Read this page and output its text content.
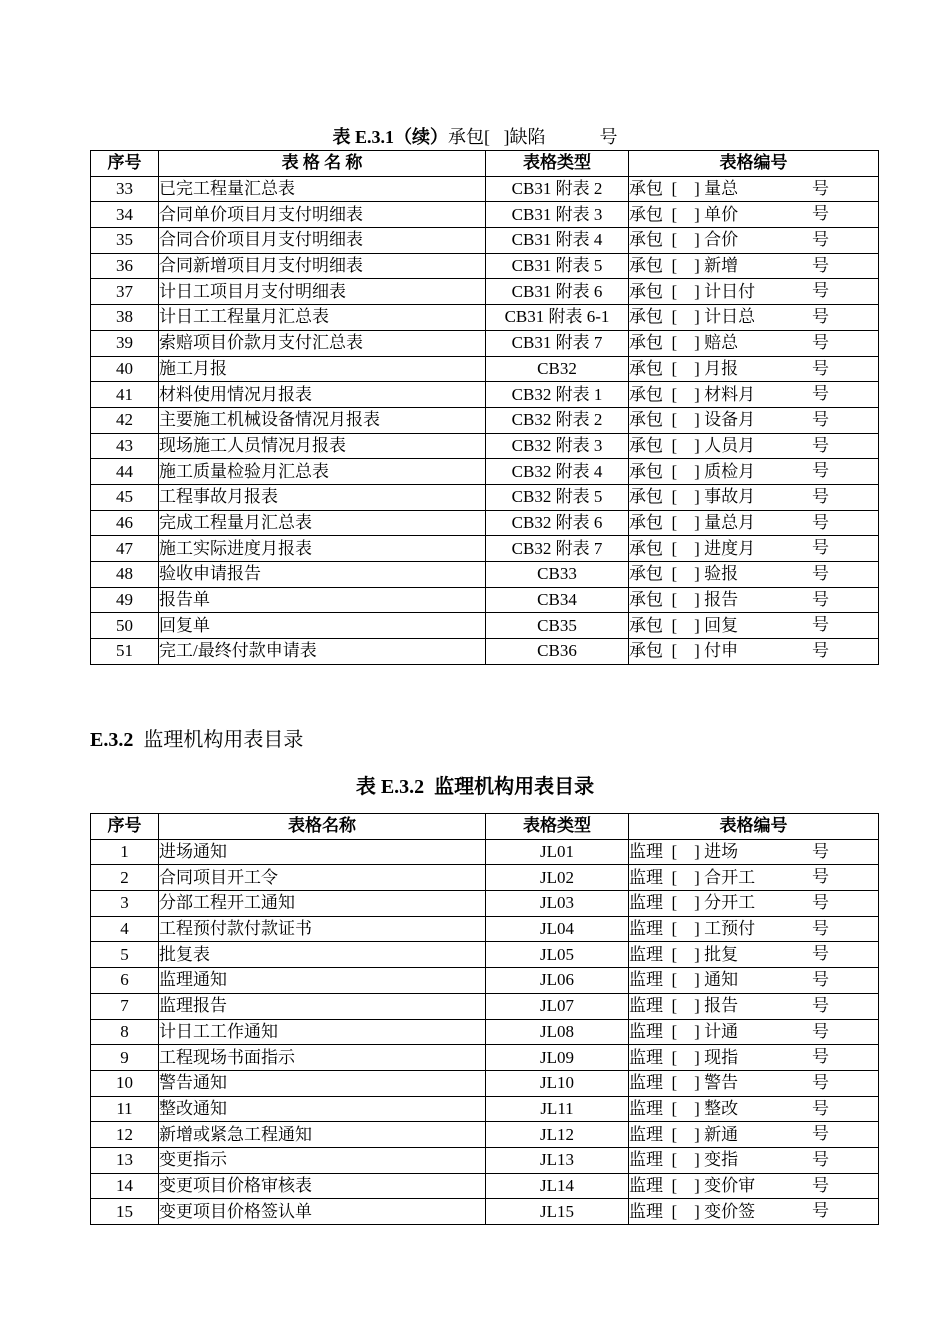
表 E.3.1（续）承包[   ]缺陷            号
序号	表 格 名 称	表格类型	表格编号
33	已完工程量汇总表	CB31 附表 2	承包  [    ] 量总 号

34	合同单价项目月支付明细表	CB31 附表 3	承包  [    ] 单价 号

35	合同合价项目月支付明细表	CB31 附表 4	承包  [    ] 合价 号

36	合同新增项目月支付明细表	CB31 附表 5	承包  [    ] 新增 号

37	计日工项目月支付明细表	CB31 附表 6	承包  [    ] 计日付 号

38	计日工工程量月汇总表	CB31 附表 6-1	承包  [    ] 计日总 号

39	索赔项目价款月支付汇总表	CB31 附表 7	承包  [    ] 赔总 号

40	施工月报	CB32	承包  [    ] 月报 号

41	材料使用情况月报表	CB32 附表 1	承包  [    ] 材料月 号

42	主要施工机械设备情况月报表	CB32 附表 2	承包  [    ] 设备月 号

43	现场施工人员情况月报表	CB32 附表 3	承包  [    ] 人员月 号

44	施工质量检验月汇总表	CB32 附表 4	承包  [    ] 质检月 号

45	工程事故月报表	CB32 附表 5	承包  [    ] 事故月 号

46	完成工程量月汇总表	CB32 附表 6	承包  [    ] 量总月 号

47	施工实际进度月报表	CB32 附表 7	承包  [    ] 进度月 号

48	验收申请报告	CB33	承包  [    ] 验报 号

49	报告单	CB34	承包  [    ] 报告 号

50	回复单	CB35	承包  [    ] 回复 号

51	完工/最终付款申请表	CB36	承包  [    ] 付申 号
E.3.2 监理机构用表目录
表 E.3.2  监理机构用表目录
序号	表格名称	表格类型	表格编号
1	进场通知	JL01	监理  [    ] 进场 号

2	合同项目开工令	JL02	监理  [    ] 合开工 号

3	分部工程开工通知	JL03	监理  [    ] 分开工 号

4	工程预付款付款证书	JL04	监理  [    ] 工预付 号

5	批复表	JL05	监理  [    ] 批复 号

6	监理通知	JL06	监理  [    ] 通知 号

7	监理报告	JL07	监理  [    ] 报告 号

8	计日工工作通知	JL08	监理  [    ] 计通 号

9	工程现场书面指示	JL09	监理  [    ] 现指 号

10	警告通知	JL10	监理  [    ] 警告 号

11	整改通知	JL11	监理  [    ] 整改 号

12	新增或紧急工程通知	JL12	监理  [    ] 新通 号

13	变更指示	JL13	监理  [    ] 变指 号

14	变更项目价格审核表	JL14	监理  [    ] 变价审 号

15	变更项目价格签认单	JL15	监理  [    ] 变价签 号
